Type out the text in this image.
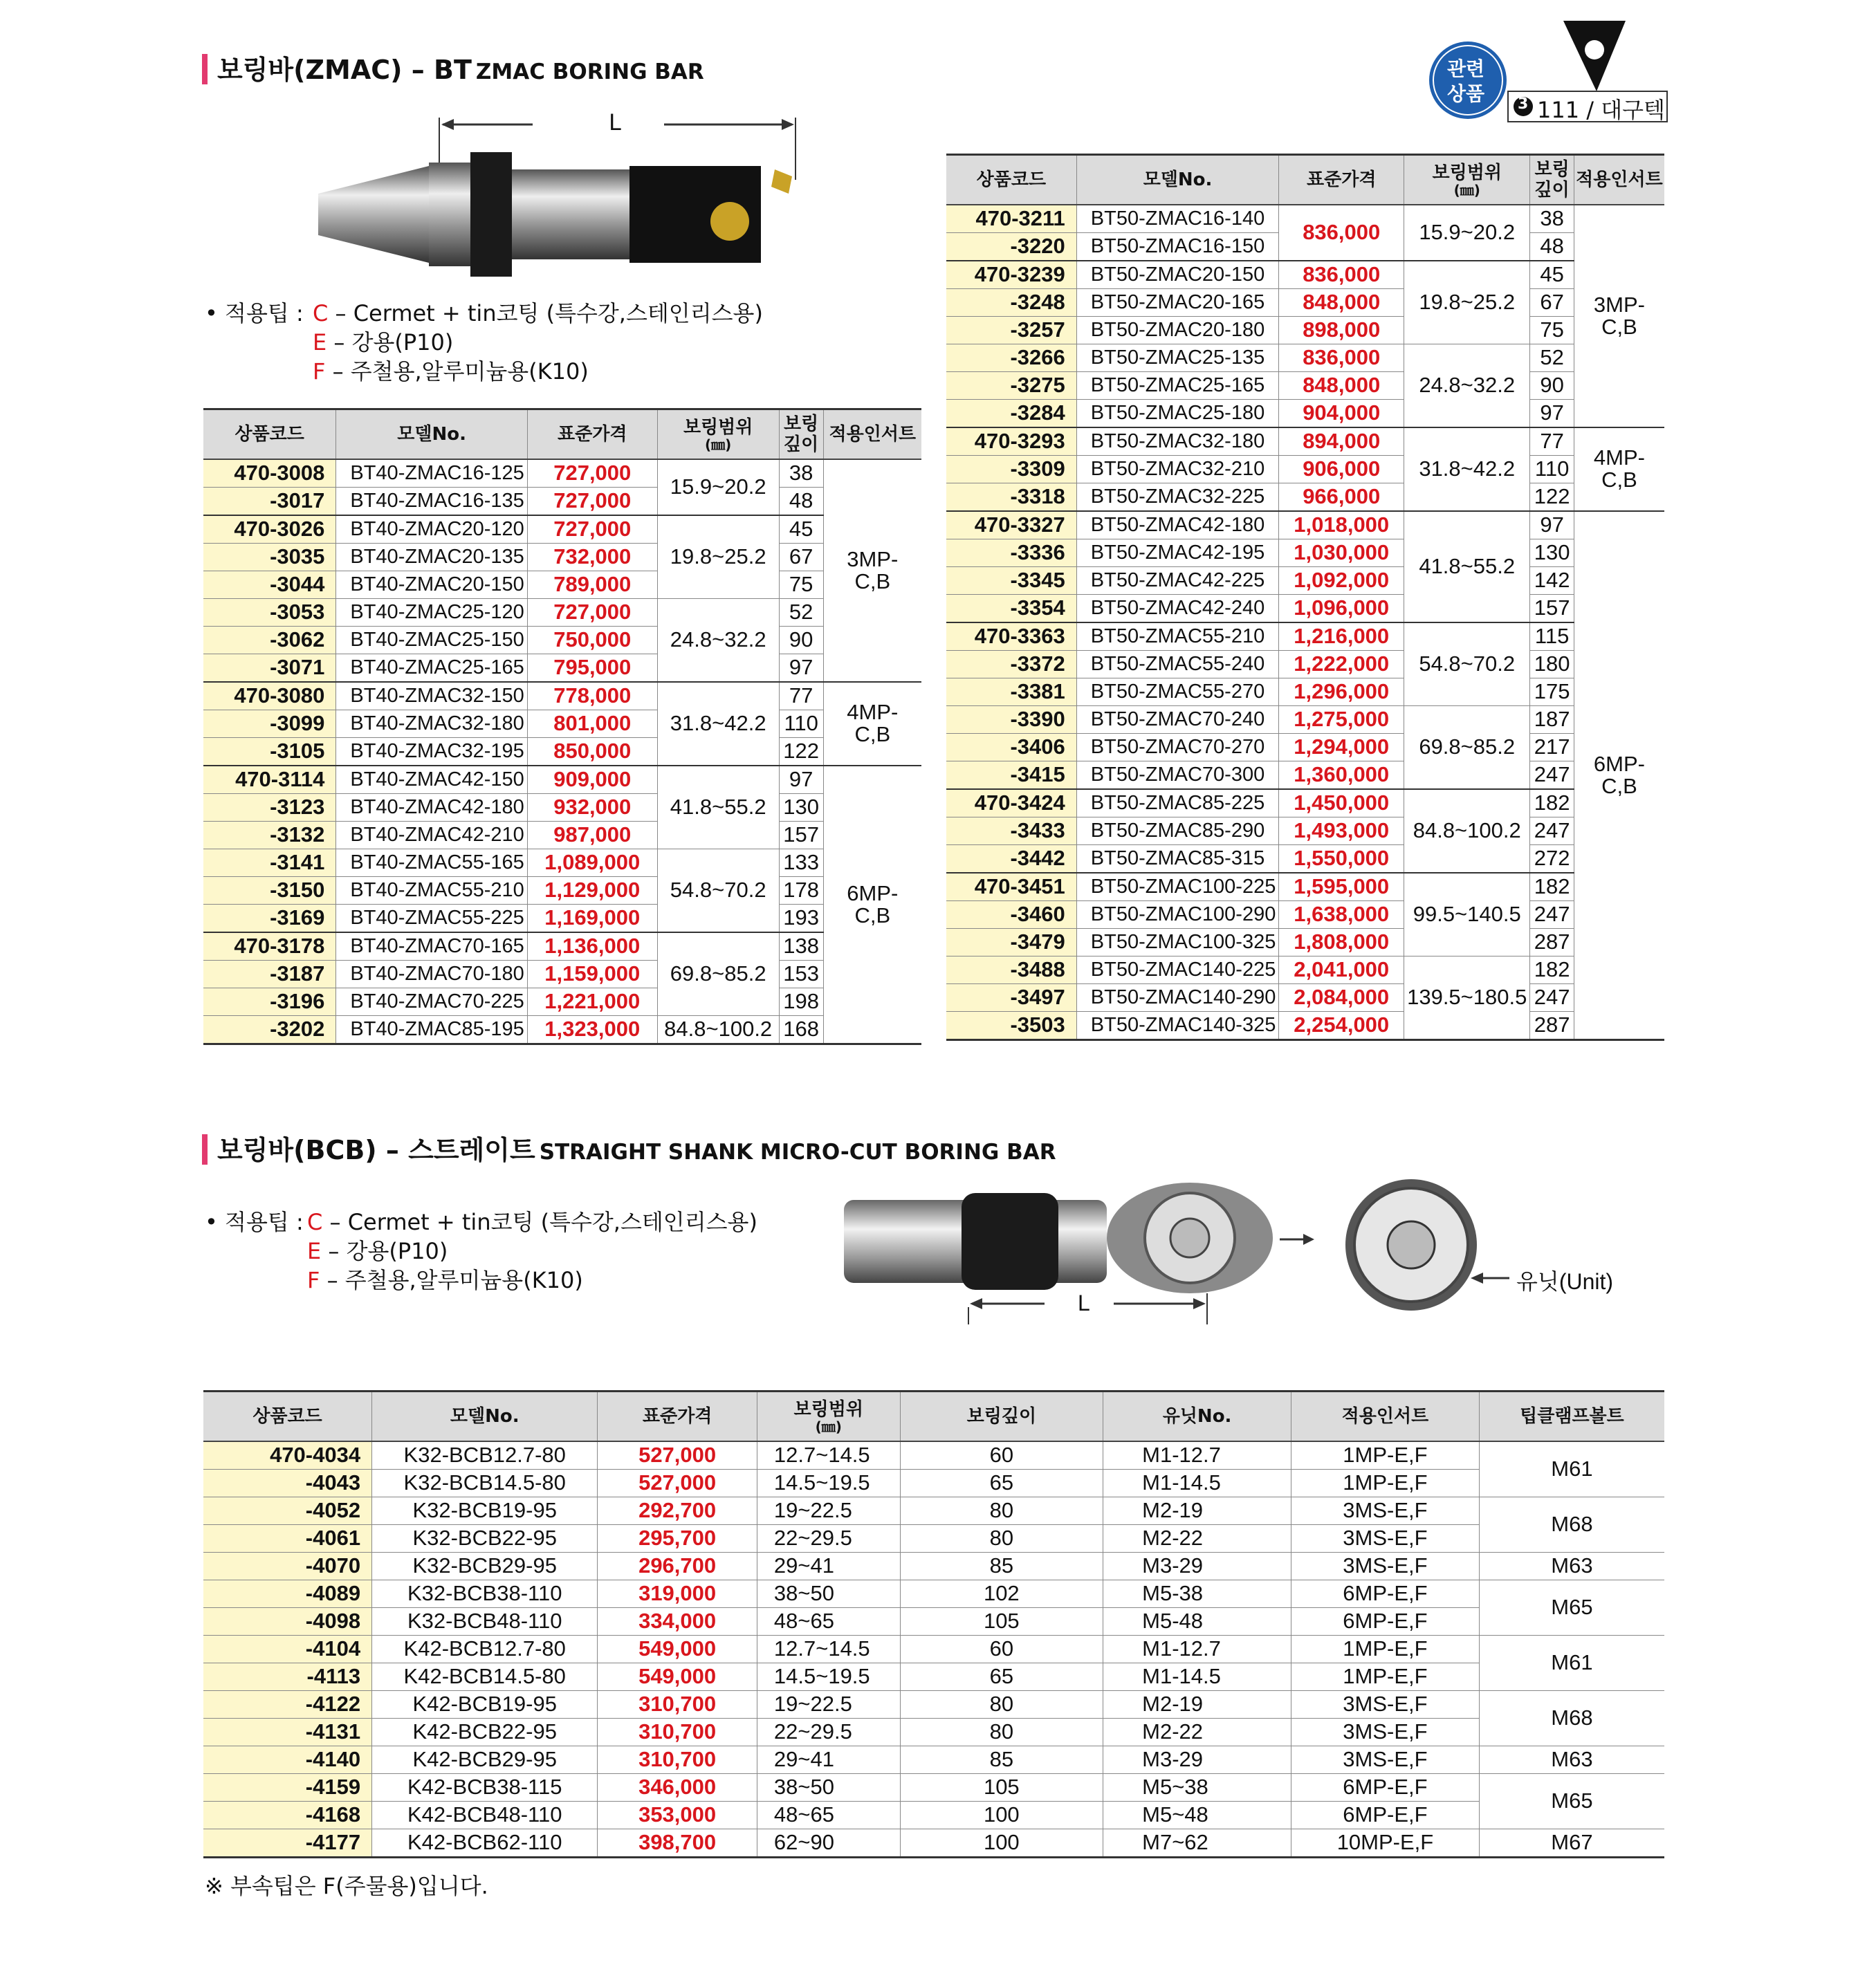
보링바(ZMAC) – BT ZMAC BORING BAR	관련
상품 3 111 / 대구텍
L
• 적용팁 : C – Cermet + tin코팅 (특수강,스테인리스용)
E – 강용(P10)
F – 주철용,알루미늄용(K10)
상품코드	모델No.	표준가격	보링범위
(㎜)	보링
깊이	적용인서트
470-3008	BT40-ZMAC16-125	727,000	15.9~20.2	38	3MP-
C,B
-3017	BT40-ZMAC16-135	727,000		48	
470-3026	BT40-ZMAC20-120	727,000	19.8~25.2	45	
-3035	BT40-ZMAC20-135	732,000		67	
-3044	BT40-ZMAC20-150	789,000		75	
-3053	BT40-ZMAC25-120	727,000	24.8~32.2	52	
-3062	BT40-ZMAC25-150	750,000		90	
-3071	BT40-ZMAC25-165	795,000		97	
470-3080	BT40-ZMAC32-150	778,000	31.8~42.2	77	4MP-
C,B
-3099	BT40-ZMAC32-180	801,000		110	
-3105	BT40-ZMAC32-195	850,000		122	
470-3114	BT40-ZMAC42-150	909,000	41.8~55.2	97	6MP-
C,B
-3123	BT40-ZMAC42-180	932,000		130	
-3132	BT40-ZMAC42-210	987,000		157	
-3141	BT40-ZMAC55-165	1,089,000	54.8~70.2	133	
-3150	BT40-ZMAC55-210	1,129,000		178	
-3169	BT40-ZMAC55-225	1,169,000		193	
470-3178	BT40-ZMAC70-165	1,136,000	69.8~85.2	138	
-3187	BT40-ZMAC70-180	1,159,000		153	
-3196	BT40-ZMAC70-225	1,221,000		198	
-3202	BT40-ZMAC85-195	1,323,000	84.8~100.2	168	
상품코드	모델No.	표준가격	보링범위
(㎜)	보링
깊이	적용인서트
470-3211	BT50-ZMAC16-140	836,000	15.9~20.2	38	3MP-
C,B
-3220	BT50-ZMAC16-150			48	
470-3239	BT50-ZMAC20-150	836,000	19.8~25.2	45	
-3248	BT50-ZMAC20-165	848,000		67	
-3257	BT50-ZMAC20-180	898,000		75	
-3266	BT50-ZMAC25-135	836,000	24.8~32.2	52	
-3275	BT50-ZMAC25-165	848,000		90	
-3284	BT50-ZMAC25-180	904,000		97	
470-3293	BT50-ZMAC32-180	894,000	31.8~42.2	77	4MP-
C,B
-3309	BT50-ZMAC32-210	906,000		110	
-3318	BT50-ZMAC32-225	966,000		122	
470-3327	BT50-ZMAC42-180	1,018,000	41.8~55.2	97	6MP-
C,B
-3336	BT50-ZMAC42-195	1,030,000		130	
-3345	BT50-ZMAC42-225	1,092,000		142	
-3354	BT50-ZMAC42-240	1,096,000		157	
470-3363	BT50-ZMAC55-210	1,216,000	54.8~70.2	115	
-3372	BT50-ZMAC55-240	1,222,000		180	
-3381	BT50-ZMAC55-270	1,296,000		175	
-3390	BT50-ZMAC70-240	1,275,000	69.8~85.2	187	
-3406	BT50-ZMAC70-270	1,294,000		217	
-3415	BT50-ZMAC70-300	1,360,000		247	
470-3424	BT50-ZMAC85-225	1,450,000	84.8~100.2	182	
-3433	BT50-ZMAC85-290	1,493,000		247	
-3442	BT50-ZMAC85-315	1,550,000		272	
470-3451	BT50-ZMAC100-225	1,595,000	99.5~140.5	182	
-3460	BT50-ZMAC100-290	1,638,000		247	
-3479	BT50-ZMAC100-325	1,808,000		287	
-3488	BT50-ZMAC140-225	2,041,000	139.5~180.5	182	
-3497	BT50-ZMAC140-290	2,084,000		247	
-3503	BT50-ZMAC140-325	2,254,000		287	
보링바(BCB) – 스트레이트 STRAIGHT SHANK MICRO-CUT BORING BAR
• 적용팁 : C – Cermet + tin코팅 (특수강,스테인리스용)
E – 강용(P10)
F – 주철용,알루미늄용(K10)
L
유닛(Unit)
상품코드	모델No.	표준가격	보링범위
(㎜)	보링깊이	유닛No.	적용인서트	팁클램프볼트
470-4034	K32-BCB12.7-80	527,000	12.7~14.5	60	M1-12.7	1MP-E,F	M61
-4043	K32-BCB14.5-80	527,000	14.5~19.5	65	M1-14.5	1MP-E,F	
-4052	K32-BCB19-95	292,700	19~22.5	80	M2-19	3MS-E,F	M68
-4061	K32-BCB22-95	295,700	22~29.5	80	M2-22	3MS-E,F	
-4070	K32-BCB29-95	296,700	29~41	85	M3-29	3MS-E,F	M63
-4089	K32-BCB38-110	319,000	38~50	102	M5-38	6MP-E,F	M65
-4098	K32-BCB48-110	334,000	48~65	105	M5-48	6MP-E,F	
-4104	K42-BCB12.7-80	549,000	12.7~14.5	60	M1-12.7	1MP-E,F	M61
-4113	K42-BCB14.5-80	549,000	14.5~19.5	65	M1-14.5	1MP-E,F	
-4122	K42-BCB19-95	310,700	19~22.5	80	M2-19	3MS-E,F	M68
-4131	K42-BCB22-95	310,700	22~29.5	80	M2-22	3MS-E,F	
-4140	K42-BCB29-95	310,700	29~41	85	M3-29	3MS-E,F	M63
-4159	K42-BCB38-115	346,000	38~50	105	M5~38	6MP-E,F	M65
-4168	K42-BCB48-110	353,000	48~65	100	M5~48	6MP-E,F	
-4177	K42-BCB62-110	398,700	62~90	100	M7~62	10MP-E,F	M67
※ 부속팁은 F(주물용)입니다.
